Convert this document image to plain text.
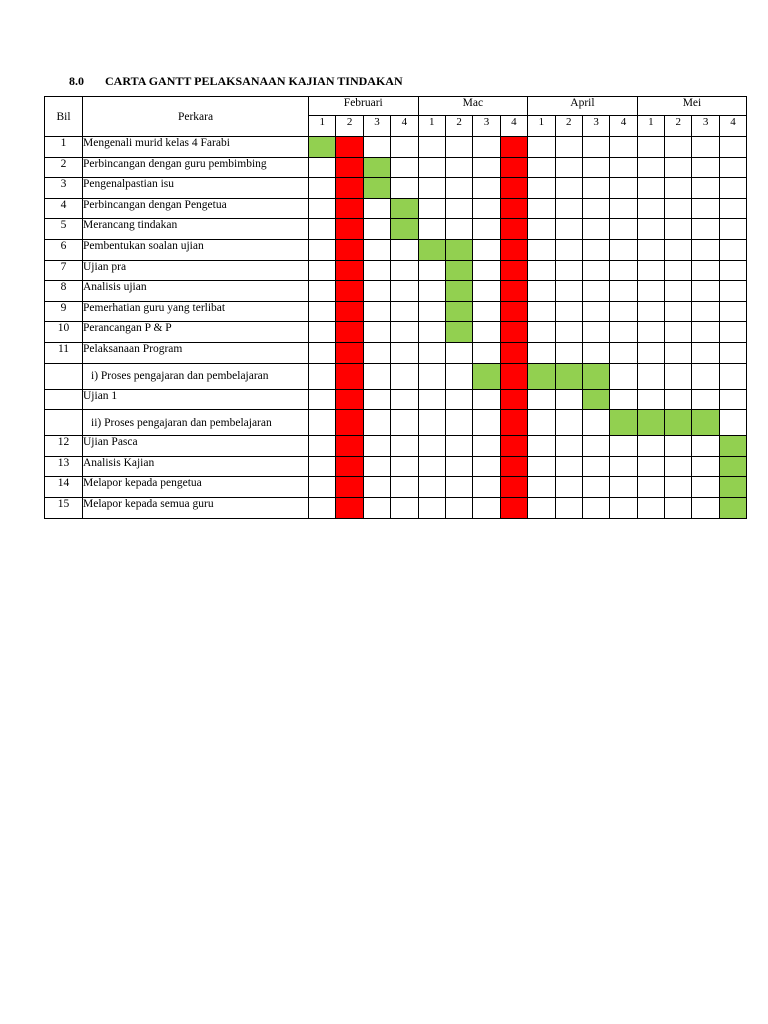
8.0	CARTA GANTT PELAKSANAAN KAJIAN TINDAKAN
Bil	Perkara	Februari				Mac				April				Mei			
		1	2	3	4	1	2	3	4	1	2	3	4	1	2	3	4
1	Mengenali murid kelas 4 Farabi																
2	Perbincangan dengan guru pembimbing																
3	Pengenalpastian isu																
4	Perbincangan dengan Pengetua																
5	Merancang tindakan																
6	Pembentukan soalan ujian																
7	Ujian pra																
8	Analisis ujian																
9	Pemerhatian guru yang terlibat																
10	Perancangan P & P																
11	Pelaksanaan Program																
	i) Proses pengajaran dan pembelajaran																
	Ujian 1																
	ii) Proses pengajaran dan pembelajaran																
12	Ujian Pasca																
13	Analisis Kajian																
14	Melapor kepada pengetua																
15	Melapor kepada semua guru																
